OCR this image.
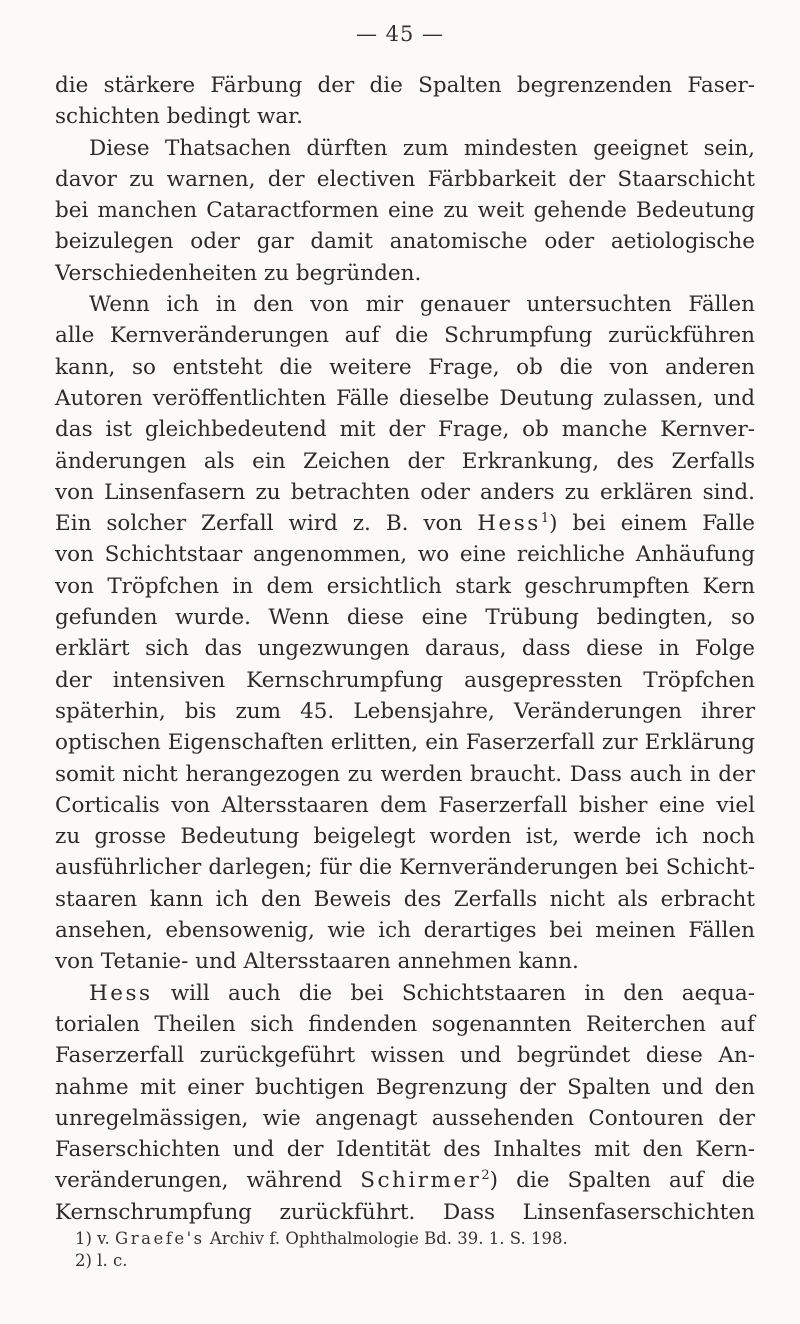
— 45 —
die stärkere Färbung der die Spalten begrenzenden Faser-
schichten bedingt war.
Diese Thatsachen dürften zum mindesten geeignet sein,
davor zu warnen, der electiven Färbbarkeit der Staarschicht
bei manchen Cataractformen eine zu weit gehende Bedeutung
beizulegen oder gar damit anatomische oder aetiologische
Verschiedenheiten zu begründen.
Wenn ich in den von mir genauer untersuchten Fällen
alle Kernveränderungen auf die Schrumpfung zurückführen
kann, so entsteht die weitere Frage, ob die von anderen
Autoren veröffentlichten Fälle dieselbe Deutung zulassen, und
das ist gleichbedeutend mit der Frage, ob manche Kernver-
änderungen als ein Zeichen der Erkrankung, des Zerfalls
von Linsenfasern zu betrachten oder anders zu erklären sind.
Ein solcher Zerfall wird z. B. von Hess$^1$) bei einem Falle
von Schichtstaar angenommen, wo eine reichliche Anhäufung
von Tröpfchen in dem ersichtlich stark geschrumpften Kern
gefunden wurde. Wenn diese eine Trübung bedingten, so
erklärt sich das ungezwungen daraus, dass diese in Folge
der intensiven Kernschrumpfung ausgepressten Tröpfchen
späterhin, bis zum 45. Lebensjahre, Veränderungen ihrer
optischen Eigenschaften erlitten, ein Faserzerfall zur Erklärung
somit nicht herangezogen zu werden braucht. Dass auch in der
Corticalis von Altersstaaren dem Faserzerfall bisher eine viel
zu grosse Bedeutung beigelegt worden ist, werde ich noch
ausführlicher darlegen; für die Kernveränderungen bei Schicht-
staaren kann ich den Beweis des Zerfalls nicht als erbracht
ansehen, ebensowenig, wie ich derartiges bei meinen Fällen
von Tetanie- und Altersstaaren annehmen kann.
Hess will auch die bei Schichtstaaren in den aequa-
torialen Theilen sich findenden sogenannten Reiterchen auf
Faserzerfall zurückgeführt wissen und begründet diese An-
nahme mit einer buchtigen Begrenzung der Spalten und den
unregelmässigen, wie angenagt aussehenden Contouren der
Faserschichten und der Identität des Inhaltes mit den Kern-
veränderungen, während Schirmer$^2$) die Spalten auf die
Kernschrumpfung zurückführt. Dass Linsenfaserschichten
1) v. Graefe's Archiv f. Ophthalmologie Bd. 39. 1. S. 198.
2) l. c.
